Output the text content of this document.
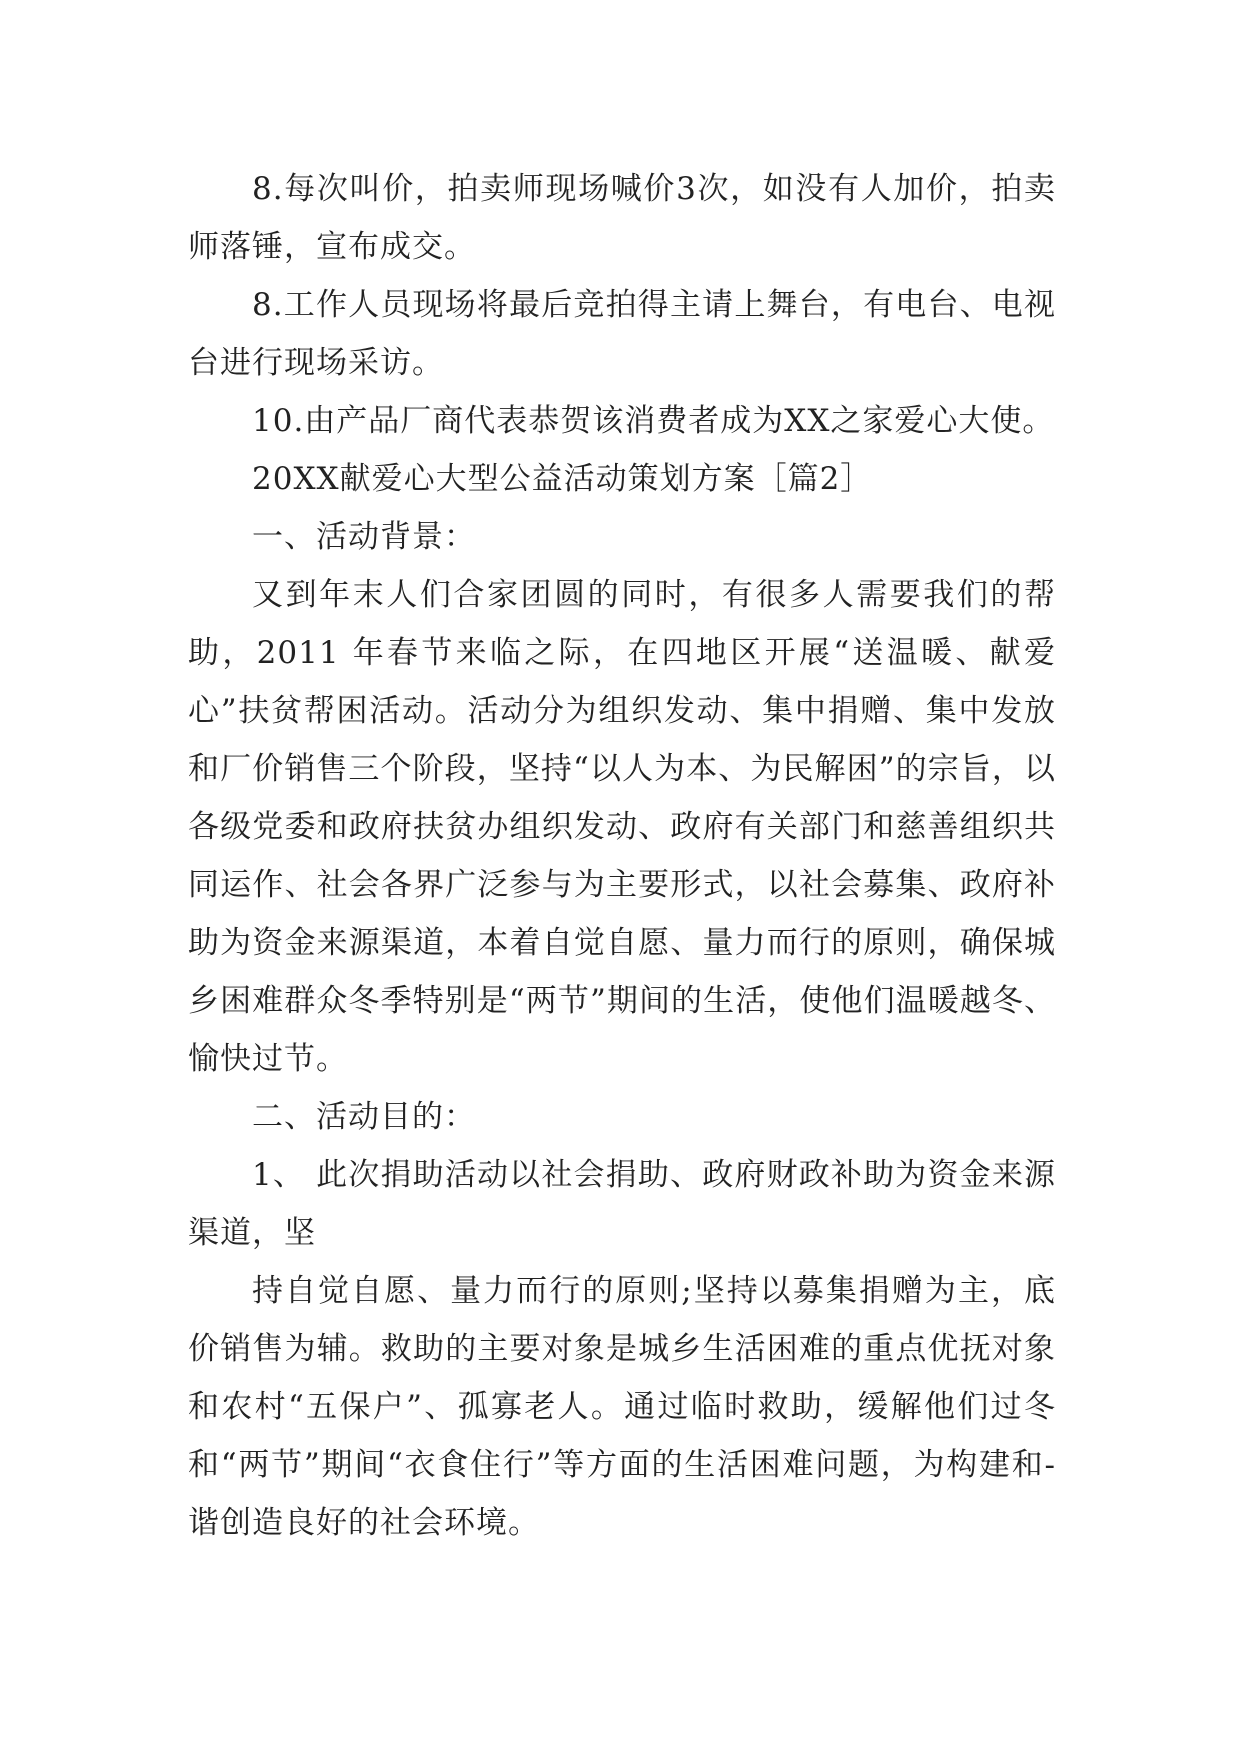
8.每次叫价，拍卖师现场喊价3次，如没有人加价，拍卖师落锤，宣布成交。

8.工作人员现场将最后竞拍得主请上舞台，有电台、电视台进行现场采访。

10.由产品厂商代表恭贺该消费者成为XX之家爱心大使。

20XX献爱心大型公益活动策划方案［篇2］

一、活动背景：

又到年末人们合家团圆的同时，有很多人需要我们的帮助，2011 年春节来临之际，在四地区开展“送温暖、献爱心”扶贫帮困活动。活动分为组织发动、集中捐赠、集中发放和厂价销售三个阶段，坚持“以人为本、为民解困”的宗旨，以各级党委和政府扶贫办组织发动、政府有关部门和慈善组织共同运作、社会各界广泛参与为主要形式，以社会募集、政府补助为资金来源渠道，本着自觉自愿、量力而行的原则，确保城乡困难群众冬季特别是“两节”期间的生活，使他们温暖越冬、愉快过节。

二、活动目的：

1、 此次捐助活动以社会捐助、政府财政补助为资金来源渠道，坚

持自觉自愿、量力而行的原则;坚持以募集捐赠为主，底价销售为辅。救助的主要对象是城乡生活困难的重点优抚对象和农村“五保户”、孤寡老人。通过临时救助，缓解他们过冬和“两节”期间“衣食住行”等方面的生活困难问题，为构建和-谐创造良好的社会环境。
